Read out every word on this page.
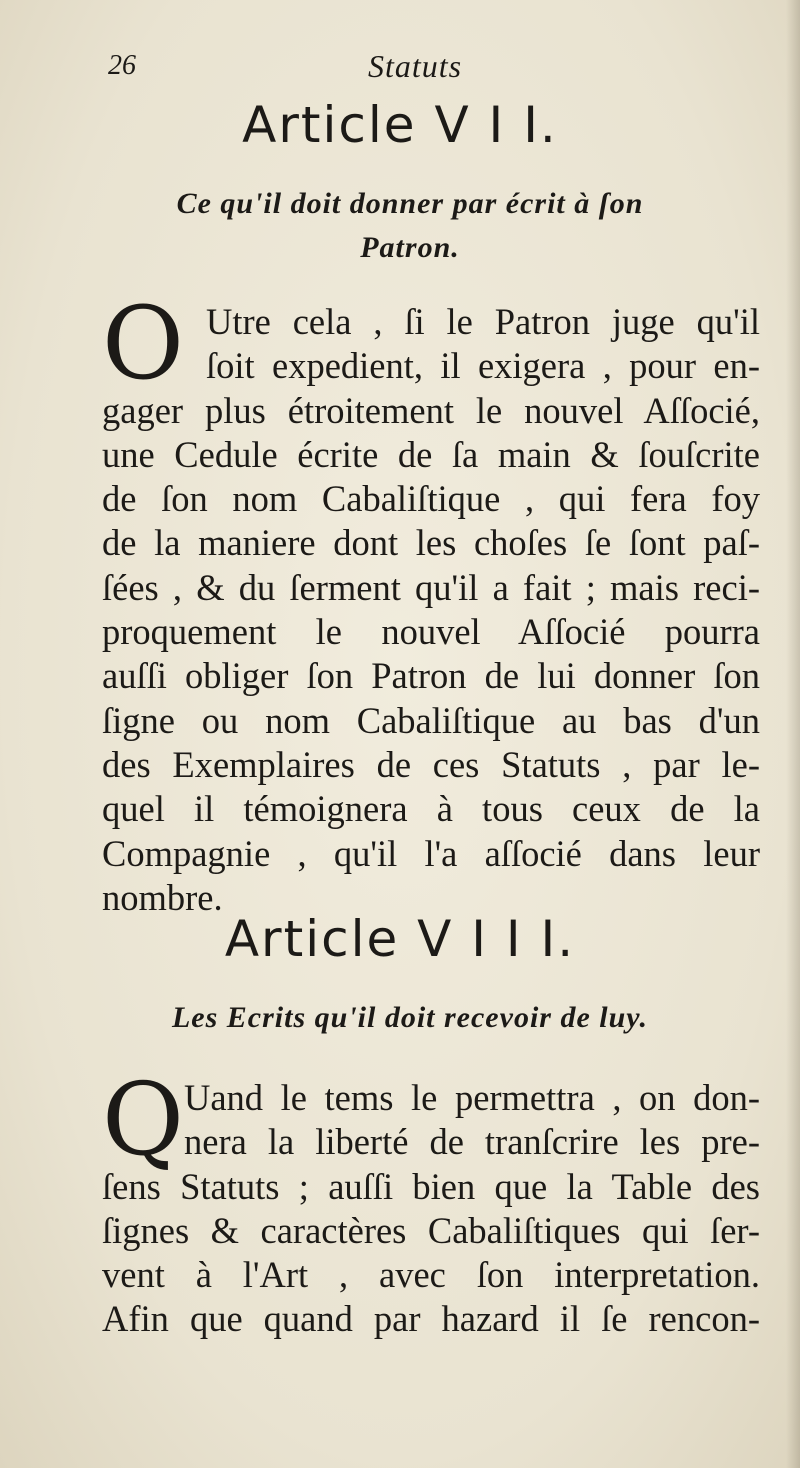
26	Statuts
Article V I I.
Ce qu'il doit donner par écrit à ſon
Patron.
O Utre cela , ſi le Patron juge qu'il
ſoit expedient, il exigera , pour en-
gager plus étroitement le nouvel Aſſocié,
une Cedule écrite de ſa main & ſouſcrite
de ſon nom Cabaliſtique , qui fera foy
de la maniere dont les choſes ſe ſont paſ-
ſées , & du ſerment qu'il a fait ; mais reci-
proquement le nouvel Aſſocié pourra
auſſi obliger ſon Patron de lui donner ſon
ſigne ou nom Cabaliſtique au bas d'un
des Exemplaires de ces Statuts , par le-
quel il témoignera à tous ceux de la
Compagnie , qu'il l'a aſſocié dans leur
nombre.
Article V I I I.
Les Ecrits qu'il doit recevoir de luy.
Q Uand le tems le permettra , on don-
nera la liberté de tranſcrire les pre-
ſens Statuts ; auſſi bien que la Table des
ſignes & caractères Cabaliſtiques qui ſer-
vent à l'Art , avec ſon interpretation.
Afin que quand par hazard il ſe rencon-
